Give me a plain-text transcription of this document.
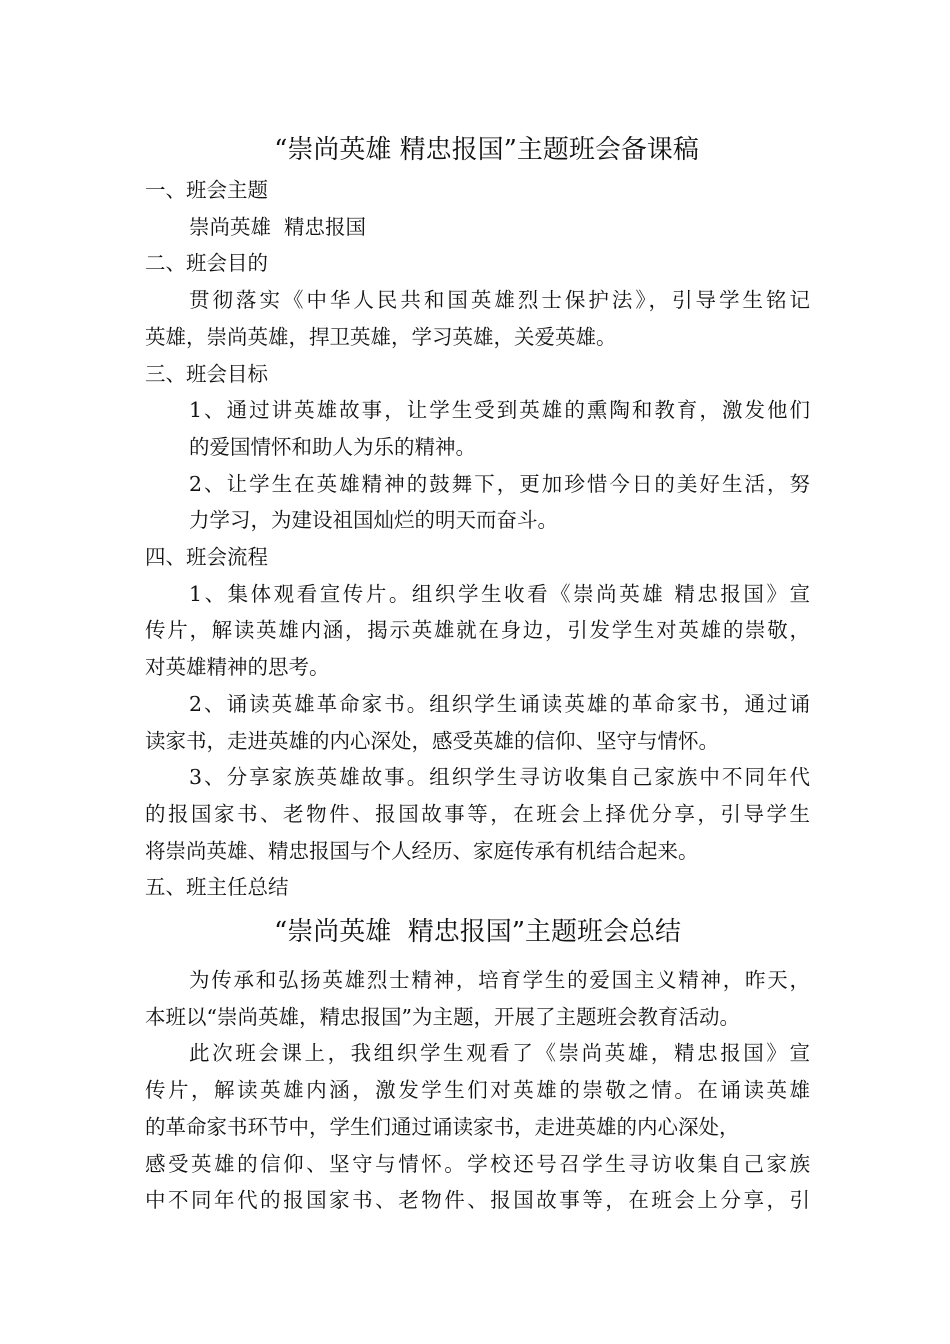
“崇尚英雄 精忠报国”主题班会备课稿

一、班会主题

崇尚英雄  精忠报国

二、班会目的

贯彻落实《中华人民共和国英雄烈士保护法》，引导学生铭记

英雄，崇尚英雄，捍卫英雄，学习英雄，关爱英雄。

三、班会目标

1、通过讲英雄故事，让学生受到英雄的熏陶和教育，激发他们

的爱国情怀和助人为乐的精神。

2、让学生在英雄精神的鼓舞下，更加珍惜今日的美好生活，努

力学习，为建设祖国灿烂的明天而奋斗。

四、班会流程

1、集体观看宣传片。组织学生收看《崇尚英雄 精忠报国》宣

传片，解读英雄内涵，揭示英雄就在身边，引发学生对英雄的崇敬，

对英雄精神的思考。

2、诵读英雄革命家书。组织学生诵读英雄的革命家书，通过诵

读家书，走进英雄的内心深处，感受英雄的信仰、坚守与情怀。

3、分享家族英雄故事。组织学生寻访收集自己家族中不同年代

的报国家书、老物件、报国故事等，在班会上择优分享，引导学生

将崇尚英雄、精忠报国与个人经历、家庭传承有机结合起来。

五、班主任总结

“崇尚英雄  精忠报国”主题班会总结

为传承和弘扬英雄烈士精神，培育学生的爱国主义精神，昨天，

本班以“崇尚英雄，精忠报国”为主题，开展了主题班会教育活动。

此次班会课上，我组织学生观看了《崇尚英雄，精忠报国》宣

传片，解读英雄内涵，激发学生们对英雄的崇敬之情。在诵读英雄

的革命家书环节中，学生们通过诵读家书，走进英雄的内心深处，

感受英雄的信仰、坚守与情怀。学校还号召学生寻访收集自己家族

中不同年代的报国家书、老物件、报国故事等，在班会上分享，引
